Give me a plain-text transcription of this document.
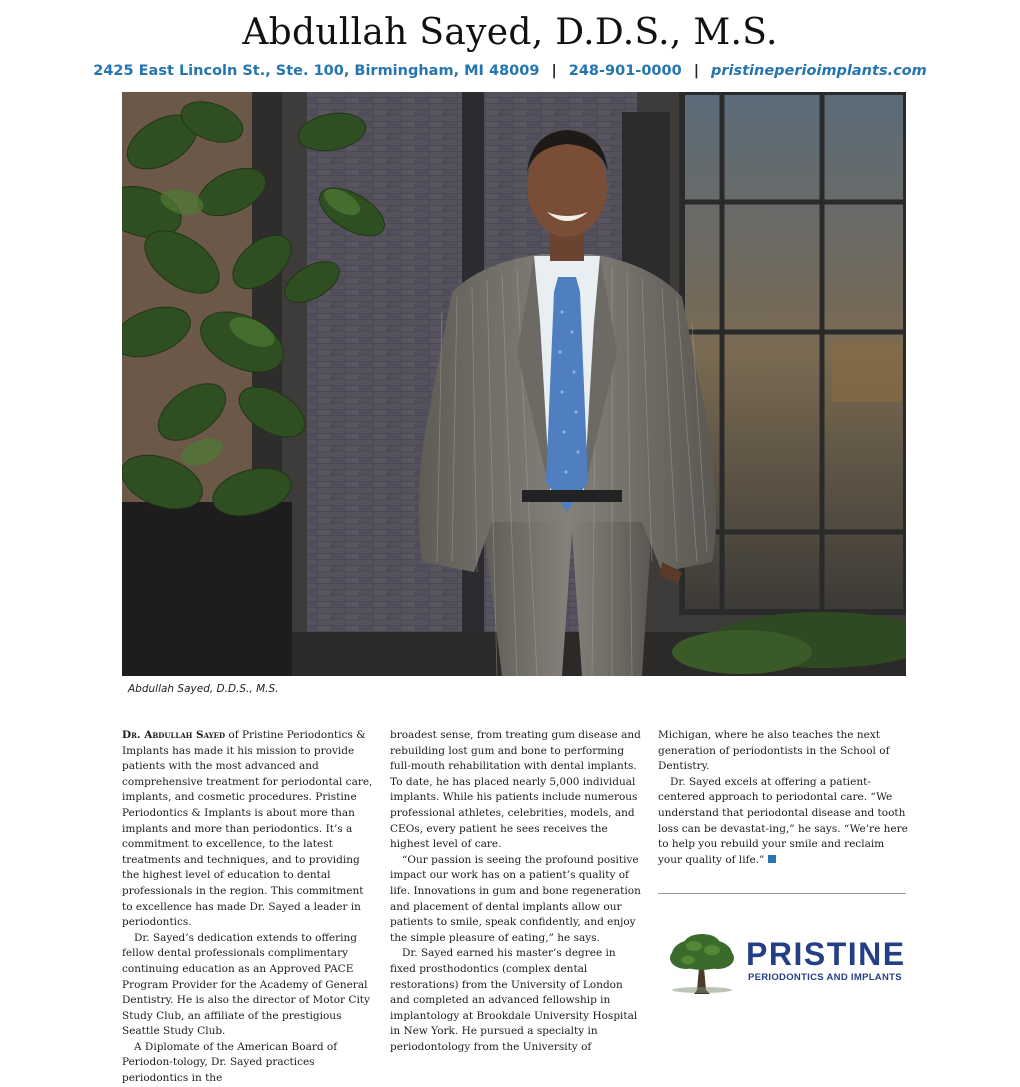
Abdullah Sayed, D.D.S., M.S.
2425 East Lincoln St., Ste. 100, Birmingham, MI 48009 | 248-901-0000 | pristineperioimplants.com
Abdullah Sayed, D.D.S., M.S.

Dr. Abdullah Sayed of Pristine Periodontics & Implants has made it his mission to provide patients with the most advanced and comprehensive treatment for periodontal care, implants, and cosmetic procedures. Pristine Periodontics & Implants is about more than implants and more than periodontics. It’s a commitment to excellence, to the latest treatments and techniques, and to providing the highest level of education to dental professionals in the region. This commitment to excellence has made Dr. Sayed a leader in periodontics.

Dr. Sayed’s dedication extends to offering fellow dental professionals complimentary continuing education as an Approved PACE Program Provider for the Academy of General Dentistry. He is also the director of Motor City Study Club, an affiliate of the prestigious Seattle Study Club.

A Diplomate of the American Board of Periodon-tology, Dr. Sayed practices periodontics in the

broadest sense, from treating gum disease and rebuilding lost gum and bone to performing full-mouth rehabilitation with dental implants. To date, he has placed nearly 5,000 individual implants. While his patients include numerous professional athletes, celebrities, models, and CEOs, every patient he sees receives the highest level of care.

“Our passion is seeing the profound positive impact our work has on a patient’s quality of life. Innovations in gum and bone regeneration and placement of dental implants allow our patients to smile, speak confidently, and enjoy the simple pleasure of eating,” he says.

Dr. Sayed earned his master’s degree in fixed prosthodontics (complex dental restorations) from the University of London and completed an advanced fellowship in implantology at Brookdale University Hospital in New York. He pursued a specialty in periodontology from the University of

Michigan, where he also teaches the next generation of periodontists in the School of Dentistry.

Dr. Sayed excels at offering a patient-centered approach to periodontal care. “We understand that periodontal disease and tooth loss can be devastat-ing,” he says. “We’re here to help you rebuild your smile and reclaim your quality of life.”

PRISTINE
PERIODONTICS AND IMPLANTS
